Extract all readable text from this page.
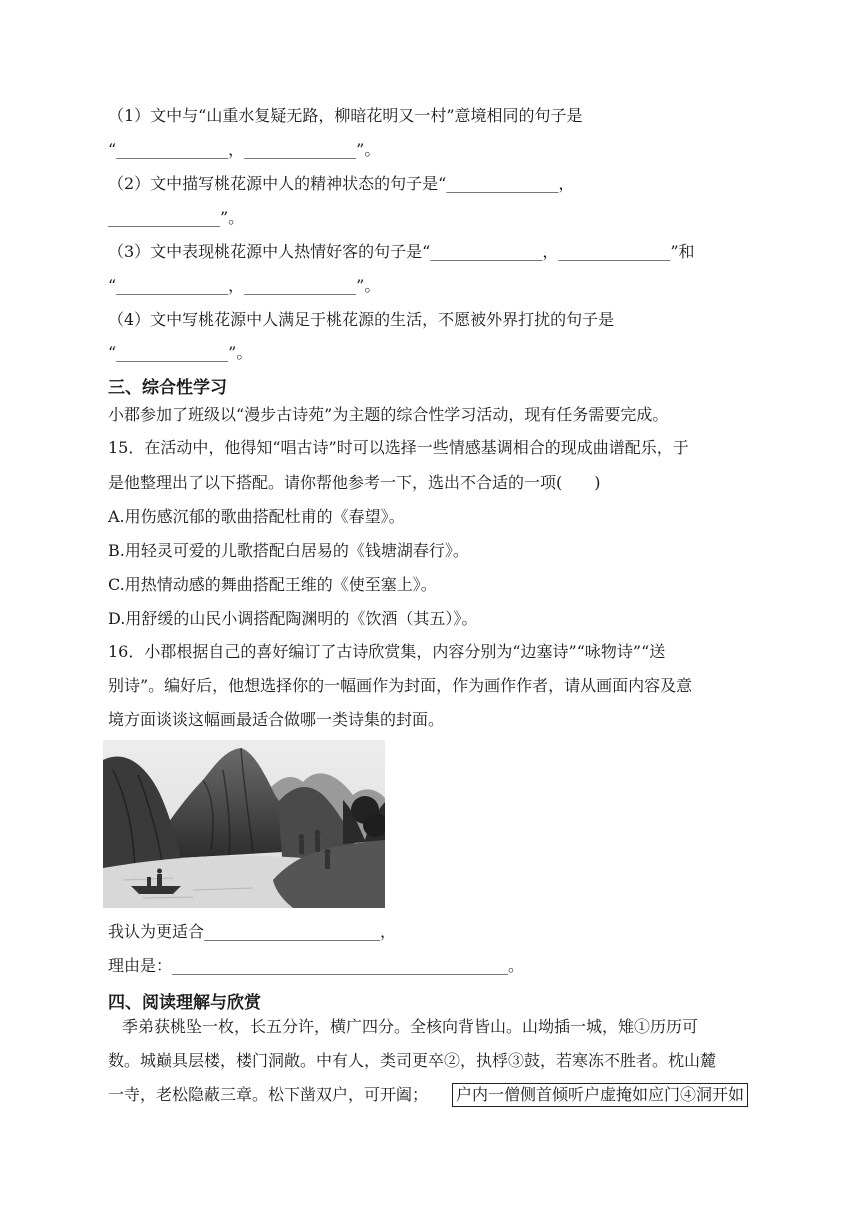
（1）文中与“山重水复疑无路，柳暗花明又一村”意境相同的句子是
“______________，______________”。
（2）文中描写桃花源中人的精神状态的句子是“______________，
______________”。
（3）文中表现桃花源中人热情好客的句子是“______________，______________”和
“______________，______________”。
（4）文中写桃花源中人满足于桃花源的生活，不愿被外界打扰的句子是
“______________”。
三、综合性学习
小郡参加了班级以“漫步古诗苑”为主题的综合性学习活动，现有任务需要完成。
15．在活动中，他得知“唱古诗”时可以选择一些情感基调相合的现成曲谱配乐，于
是他整理出了以下搭配。请你帮他参考一下，选出不合适的一项(　　)
A.用伤感沉郁的歌曲搭配杜甫的《春望》。
B.用轻灵可爱的儿歌搭配白居易的《钱塘湖春行》。
C.用热情动感的舞曲搭配王维的《使至塞上》。
D.用舒缓的山民小调搭配陶渊明的《饮酒（其五）》。
16．小郡根据自己的喜好编订了古诗欣赏集，内容分别为“边塞诗”“咏物诗”“送
别诗”。编好后，他想选择你的一幅画作为封面，作为画作作者，请从画面内容及意
境方面谈谈这幅画最适合做哪一类诗集的封面。
我认为更适合______________________，
理由是：__________________________________________。
四、阅读理解与欣赏
季弟获桃坠一枚，长五分许，横广四分。全核向背皆山。山坳插一城，雉①历历可
数。城巅具层楼，楼门洞敞。中有人，类司更卒②，执桴③鼓，若寒冻不胜者。枕山麓
一寺，老松隐蔽三章。松下凿双户，可开阖； 户内一僧侧首倾听户虚掩如应门④洞开如
